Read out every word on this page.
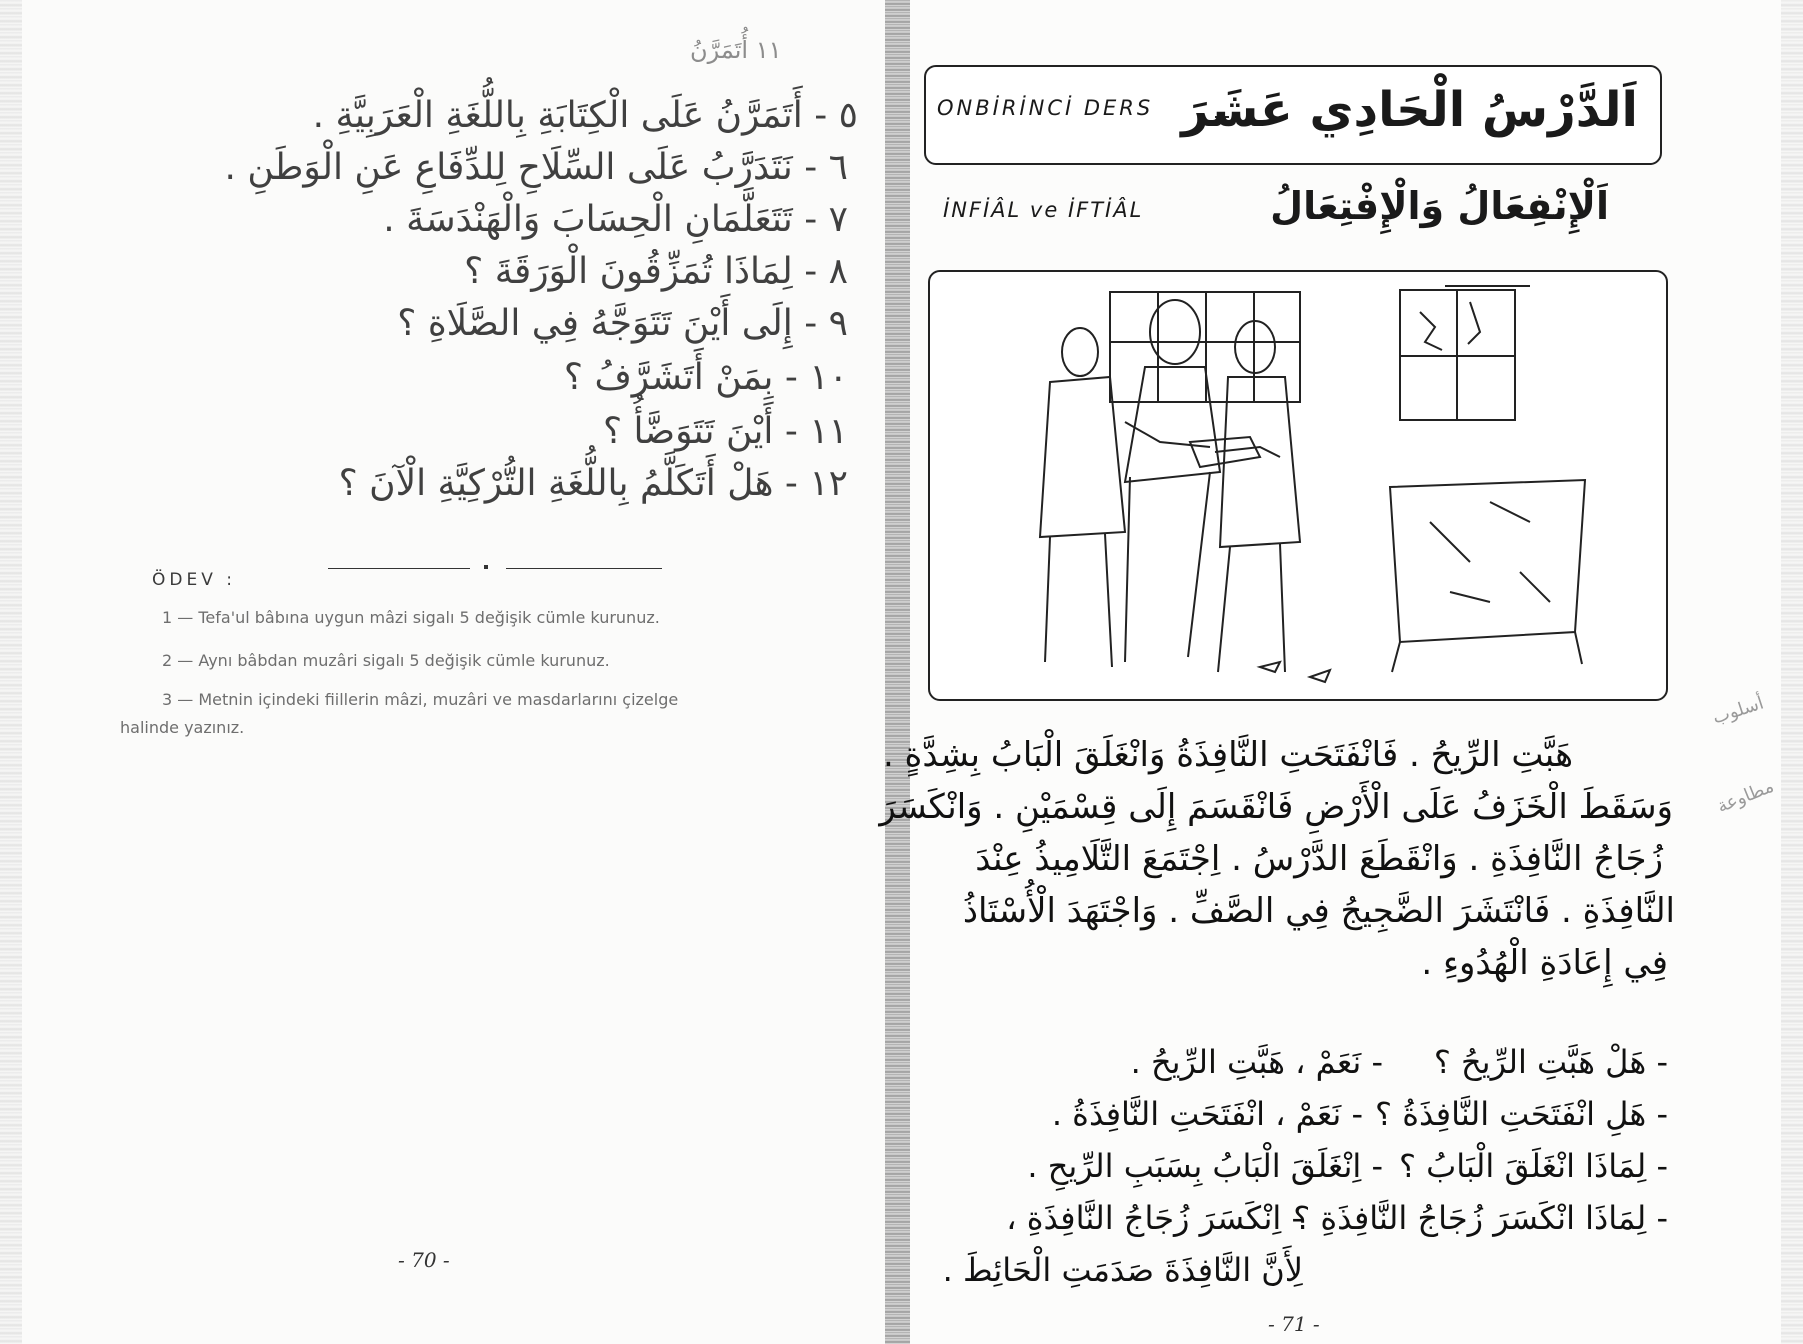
١١ أُتَمَرَّنُ
٥ - أَتَمَرَّنُ عَلَى الْكِتَابَةِ بِاللُّغَةِ الْعَرَبِيَّةِ .
٦ - نَتَدَرَّبُ عَلَى السِّلَاحِ لِلدِّفَاعِ عَنِ الْوَطَنِ .
٧ - تَتَعَلَّمَانِ الْحِسَابَ وَالْهَنْدَسَةَ .
٨ - لِمَاذَا تُمَزِّقُونَ الْوَرَقَةَ ؟
٩ - إِلَى أَيْنَ تَتَوَجَّهُ فِي الصَّلَاةِ ؟
١٠ - بِمَنْ أَتَشَرَّفُ ؟
١١ - أَيْنَ تَتَوَضَّأُ ؟
١٢ - هَلْ أَتَكَلَّمُ بِاللُّغَةِ التُّرْكِيَّةِ الْآنَ ؟
ÖDEV :
1 — Tefa'ul bâbına uygun mâzi sigalı 5 değişik cümle kurunuz.
2 — Aynı bâbdan muzâri sigalı 5 değişik cümle kurunuz.
3 — Metnin içindeki fiillerin mâzi, muzâri ve masdarlarını çizelge
halinde yazınız.
- 70 -
ONBİRİNCİ DERS اَلدَّرْسُ الْحَادِي عَشَرَ
İNFİÂL ve İFTİÂL	اَلْإِنْفِعَالُ وَالْإِفْتِعَالُ
هَبَّتِ الرِّيحُ . فَانْفَتَحَتِ النَّافِذَةُ وَانْغَلَقَ الْبَابُ بِشِدَّةٍ .
وَسَقَطَ الْخَزَفُ عَلَى الْأَرْضِ فَانْقَسَمَ إِلَى قِسْمَيْنِ . وَانْكَسَرَ
زُجَاجُ النَّافِذَةِ . وَانْقَطَعَ الدَّرْسُ . اِجْتَمَعَ التَّلَامِيذُ عِنْدَ
النَّافِذَةِ . فَانْتَشَرَ الضَّجِيجُ فِي الصَّفِّ . وَاجْتَهَدَ الْأُسْتَاذُ
فِي إِعَادَةِ الْهُدُوءِ .
- هَلْ هَبَّتِ الرِّيحُ ؟
- نَعَمْ ، هَبَّتِ الرِّيحُ .
- هَلِ انْفَتَحَتِ النَّافِذَةُ ؟
- نَعَمْ ، انْفَتَحَتِ النَّافِذَةُ .
- لِمَاذَا انْغَلَقَ الْبَابُ ؟
- اِنْغَلَقَ الْبَابُ بِسَبَبِ الرِّيحِ .
- لِمَاذَا انْكَسَرَ زُجَاجُ النَّافِذَةِ ؟
- اِنْكَسَرَ زُجَاجُ النَّافِذَةِ ،
لِأَنَّ النَّافِذَةَ صَدَمَتِ الْحَائِطَ .
أسلوب
مطاوعة
- 71 -
